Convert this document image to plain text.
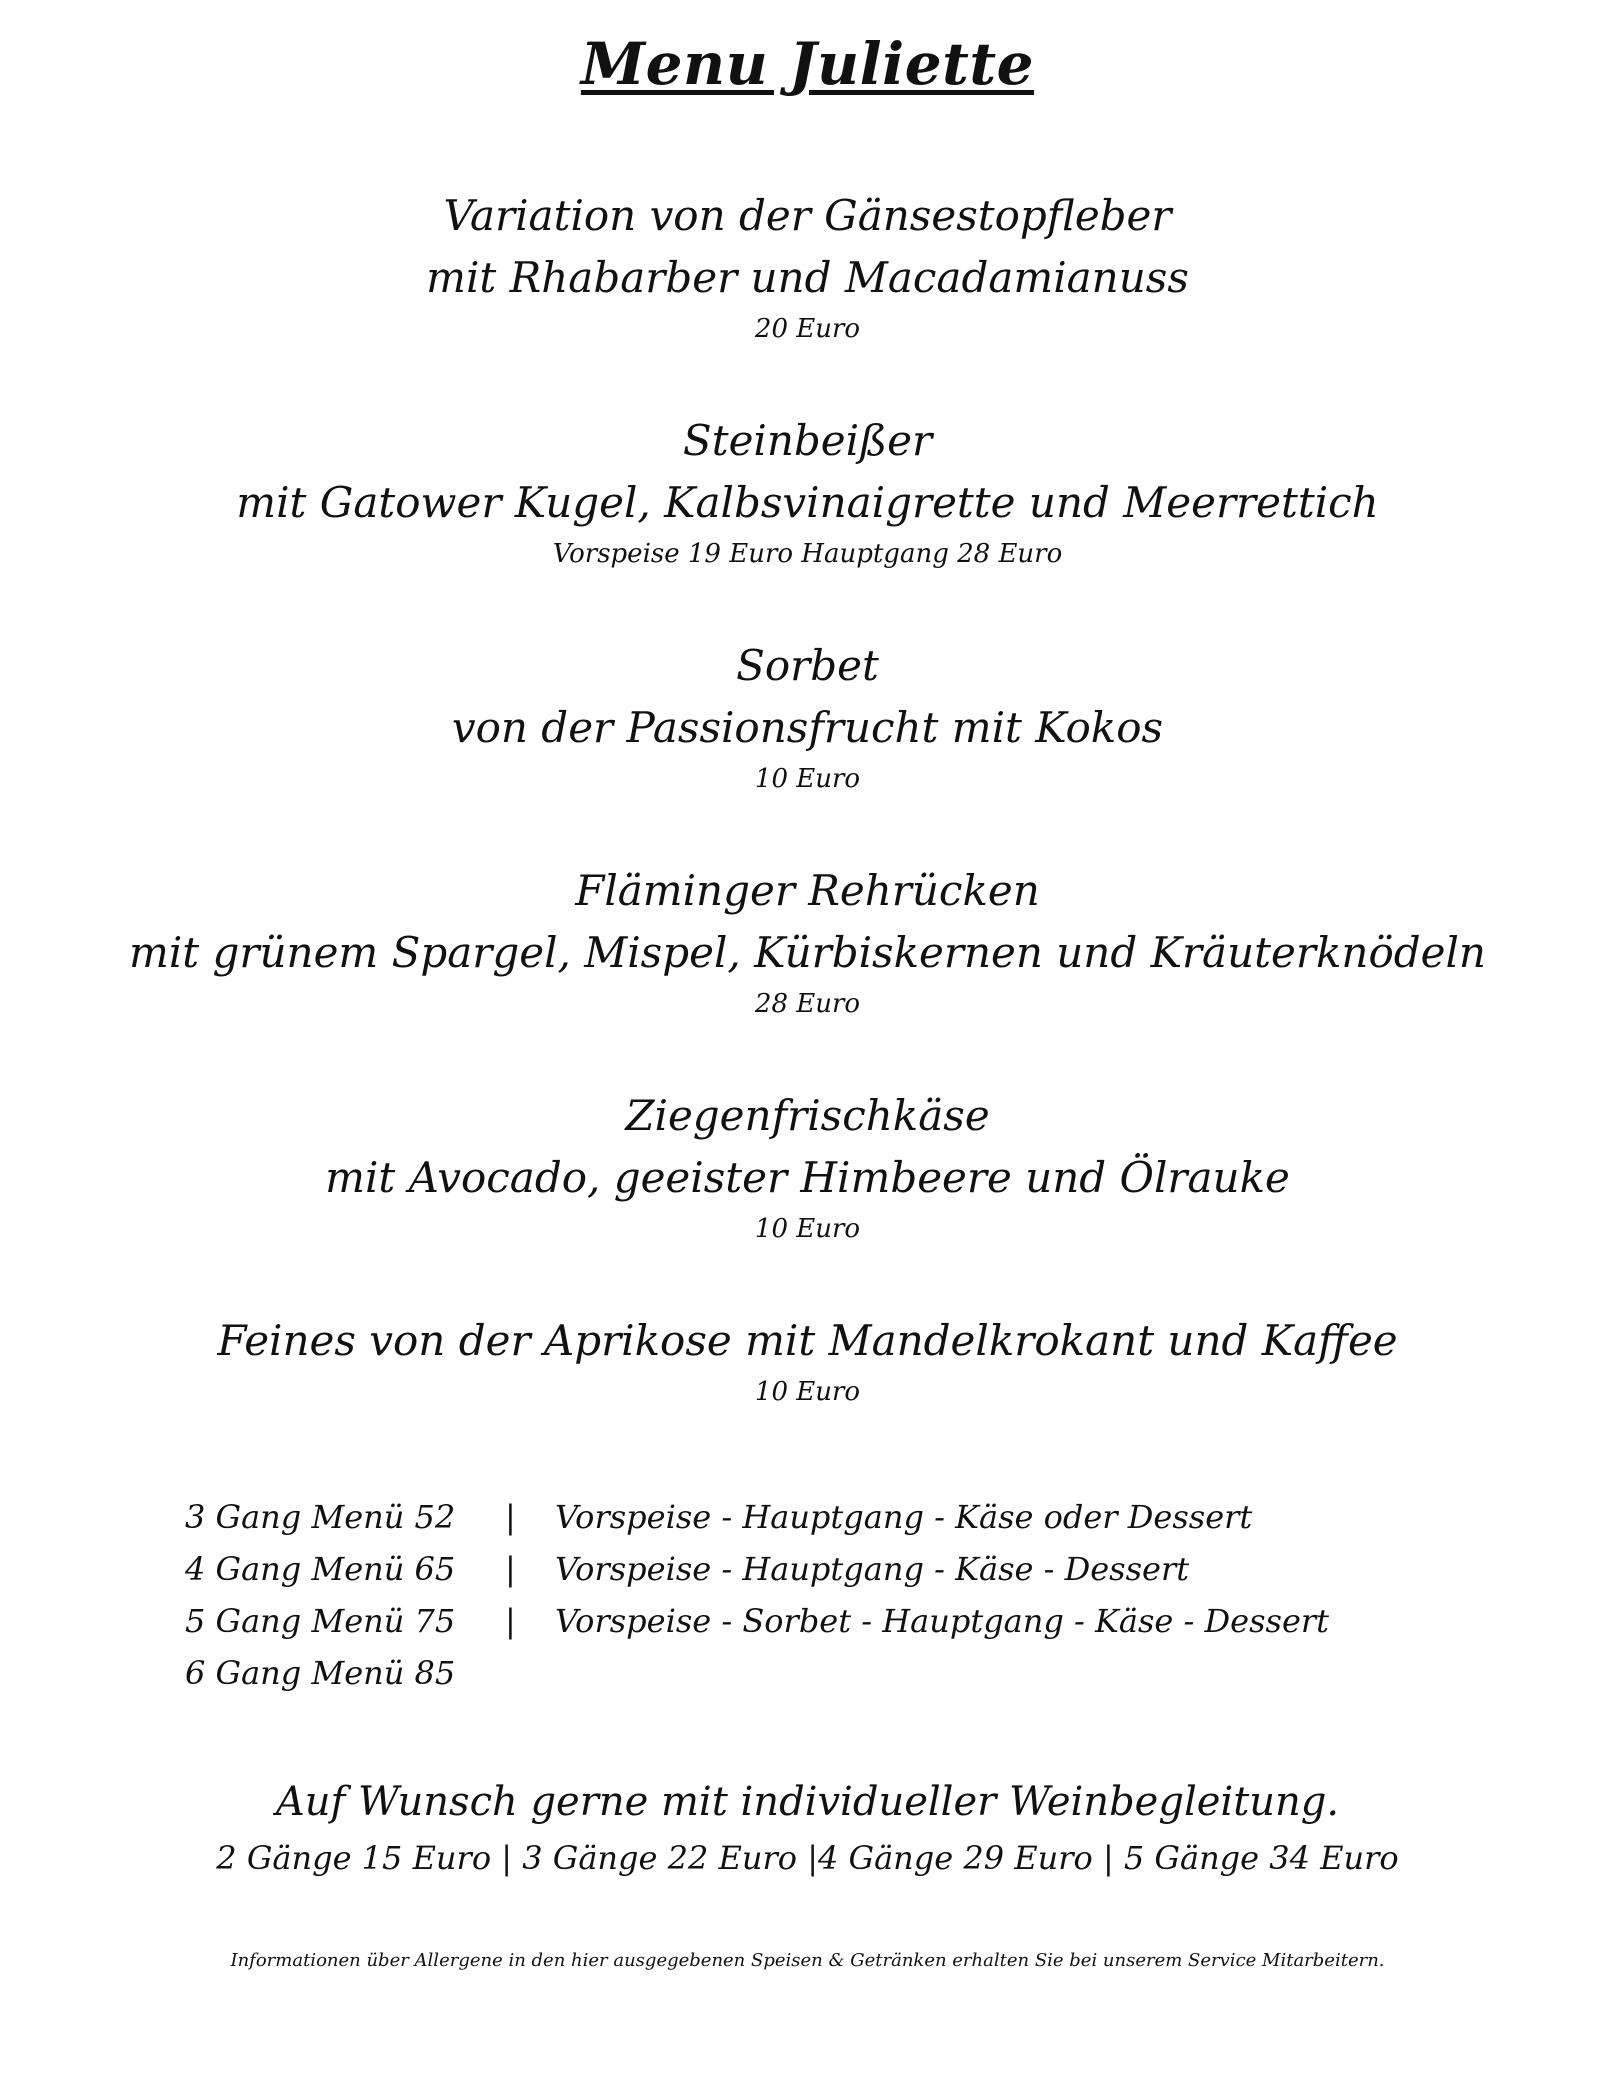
Menu Juliette
Variation von der Gänsestopfleber
mit Rhabarber und Macadamianuss
20 Euro
Steinbeißer
mit Gatower Kugel, Kalbsvinaigrette und Meerrettich
Vorspeise 19 Euro Hauptgang 28 Euro
Sorbet
von der Passionsfrucht mit Kokos
10 Euro
Fläminger Rehrücken
mit grünem Spargel, Mispel, Kürbiskernen und Kräuterknödeln
28 Euro
Ziegenfrischkäse
mit Avocado, geeister Himbeere und Ölrauke
10 Euro
Feines von der Aprikose mit Mandelkrokant und Kaffee
10 Euro
3 Gang Menü 52	|	Vorspeise - Hauptgang - Käse oder Dessert
4 Gang Menü 65	|	Vorspeise - Hauptgang - Käse - Dessert
5 Gang Menü 75	|	Vorspeise - Sorbet - Hauptgang - Käse - Dessert
6 Gang Menü 85
Auf Wunsch gerne mit individueller Weinbegleitung.
2 Gänge 15 Euro | 3 Gänge 22 Euro |4 Gänge 29 Euro | 5 Gänge 34 Euro
Informationen über Allergene in den hier ausgegebenen Speisen & Getränken erhalten Sie bei unserem Service Mitarbeitern.
